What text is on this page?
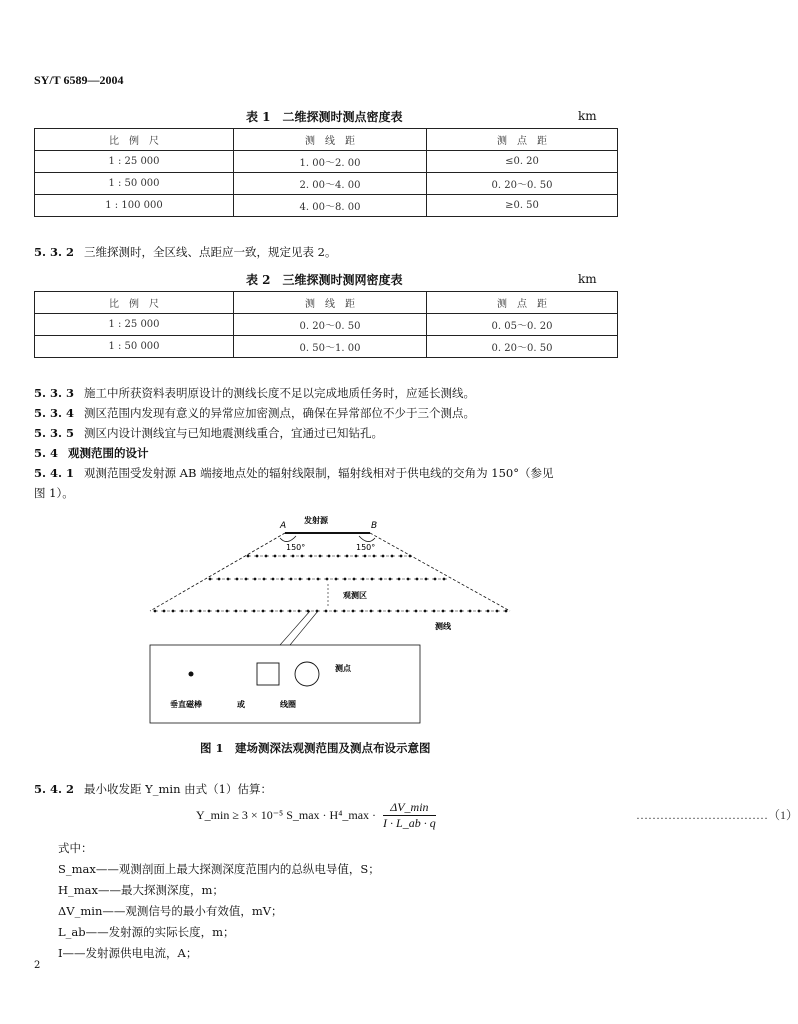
SY/T 6589—2004
表 1　二维探测时测点密度表	km
比　例　尺	测　线　距	测　点　距
1 : 25 000	1. 00～2. 00	≤0. 20
1 : 50 000	2. 00～4. 00	0. 20～0. 50
1 : 100 000	4. 00～8. 00	≥0. 50
5. 3. 2 三维探测时，全区线、点距应一致，规定见表 2。
表 2　三维探测时测网密度表	km
比　例　尺	测　线　距	测　点　距
1 : 25 000	0. 20～0. 50	0. 05～0. 20
1 : 50 000	0. 50～1. 00	0. 20～0. 50
5. 3. 3 施工中所获资料表明原设计的测线长度不足以完成地质任务时，应延长测线。
5. 3. 4 测区范围内发现有意义的异常应加密测点，确保在异常部位不少于三个测点。
5. 3. 5 测区内设计测线宜与已知地震测线重合，宜通过已知钻孔。
5. 4 观测范围的设计
5. 4. 1 观测范围受发射源 AB 端接地点处的辐射线限制，辐射线相对于供电线的交角为 150°（参见
图 1）。
A	B
发射源
150°	150°
观测区
测线
测点
垂直磁棒	或	线圈
图 1　建场测深法观测范围及测点布设示意图
5. 4. 2 最小收发距 Y_min 由式（1）估算：
Y_min ≥ 3 × 10⁻⁵ S_max · H⁴_max ·
ΔV_min
I · L_ab · q
……………………………（1）
式中：
S_max——观测剖面上最大探测深度范围内的总纵电导值，S；
H_max——最大探测深度，m；
ΔV_min——观测信号的最小有效值，mV；
L_ab——发射源的实际长度，m；
I——发射源供电电流，A；
2
